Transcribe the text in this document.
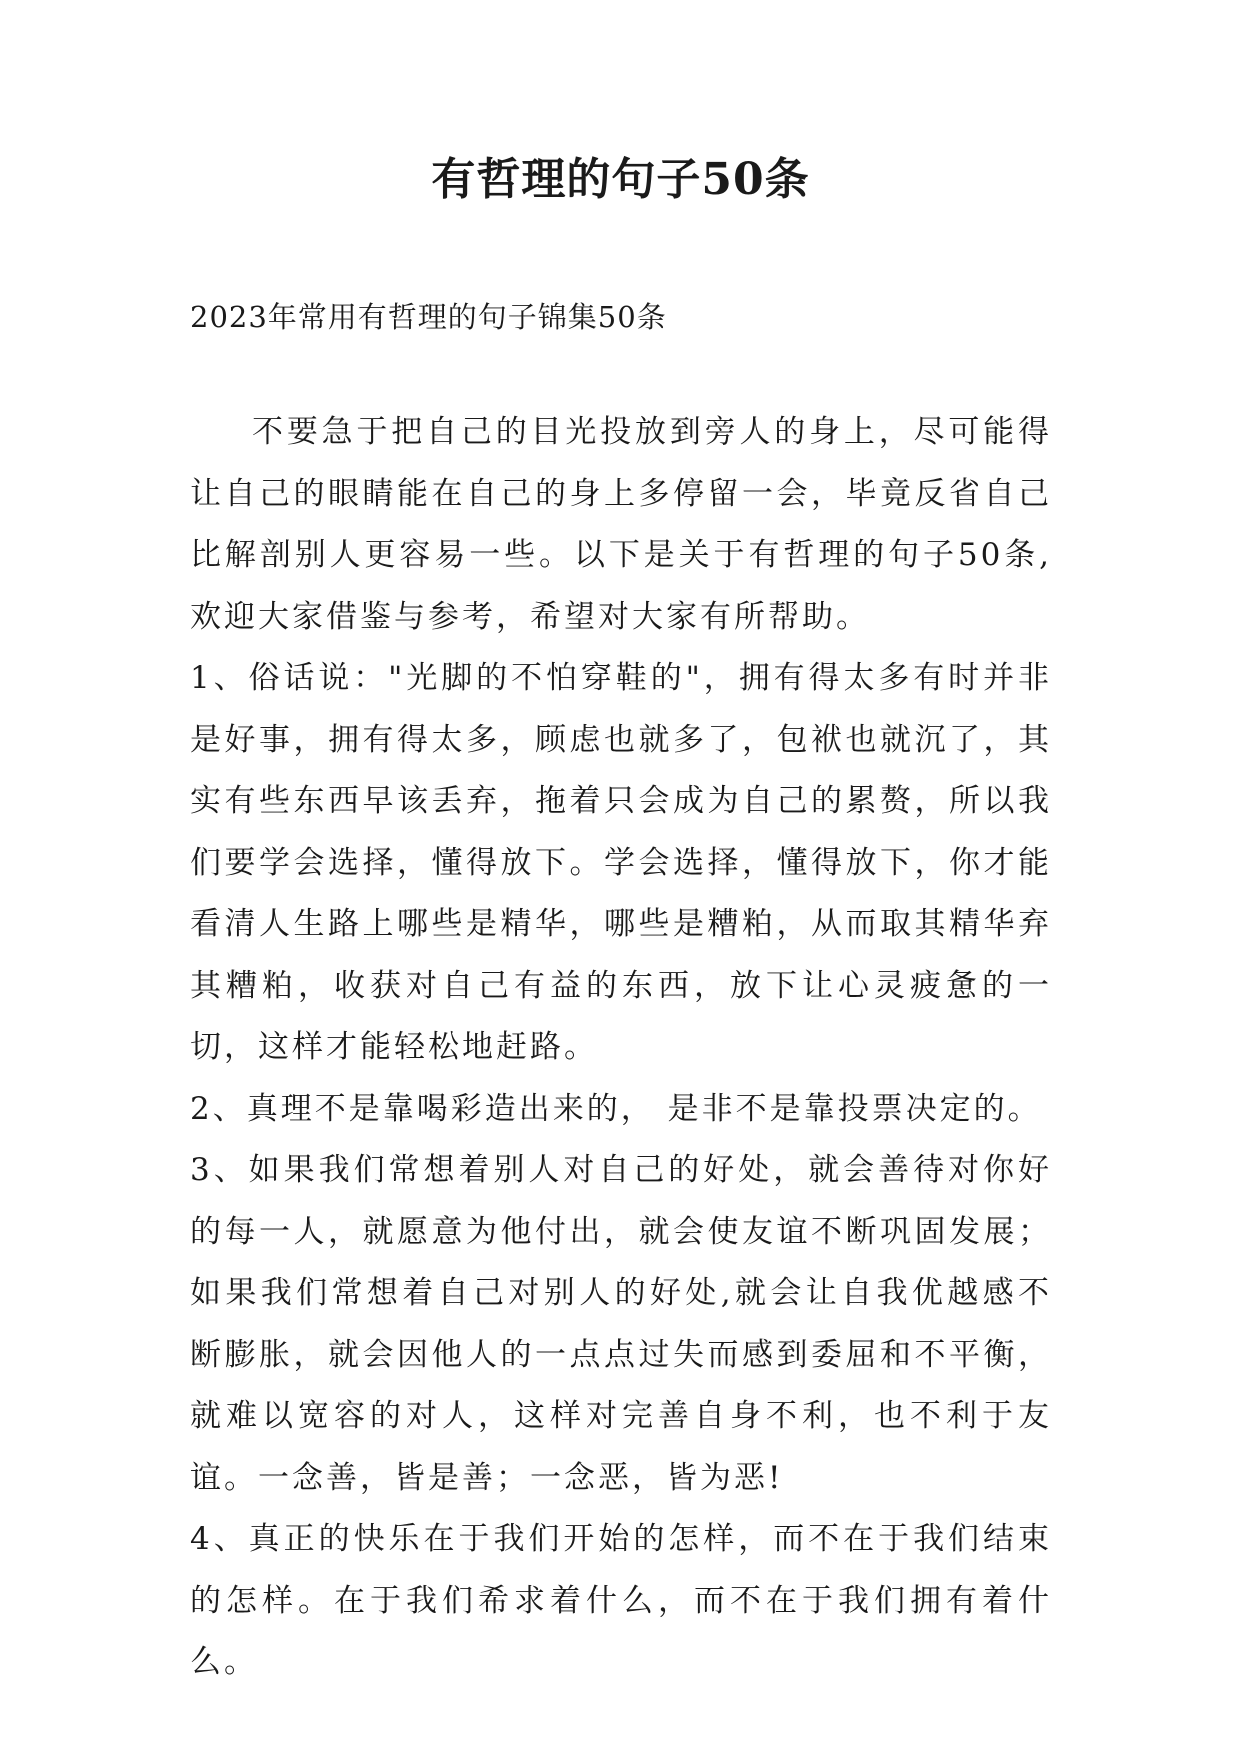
有哲理的句子50条

2023年常用有哲理的句子锦集50条

不要急于把自己的目光投放到旁人的身上，尽可能得让自己的眼睛能在自己的身上多停留一会，毕竟反省自己比解剖别人更容易一些。以下是关于有哲理的句子50条,欢迎大家借鉴与参考，希望对大家有所帮助。

1、俗话说："光脚的不怕穿鞋的"，拥有得太多有时并非是好事，拥有得太多，顾虑也就多了，包袱也就沉了，其实有些东西早该丢弃，拖着只会成为自己的累赘，所以我们要学会选择，懂得放下。学会选择，懂得放下，你才能看清人生路上哪些是精华，哪些是糟粕，从而取其精华弃其糟粕，收获对自己有益的东西，放下让心灵疲惫的一切，这样才能轻松地赶路。

2、真理不是靠喝彩造出来的， 是非不是靠投票决定的。

3、如果我们常想着别人对自己的好处，就会善待对你好的每一人，就愿意为他付出，就会使友谊不断巩固发展；如果我们常想着自己对别人的好处,就会让自我优越感不断膨胀，就会因他人的一点点过失而感到委屈和不平衡，就难以宽容的对人，这样对完善自身不利，也不利于友谊。一念善，皆是善；一念恶，皆为恶!

4、真正的快乐在于我们开始的怎样，而不在于我们结束的怎样。在于我们希求着什么，而不在于我们拥有着什么。
